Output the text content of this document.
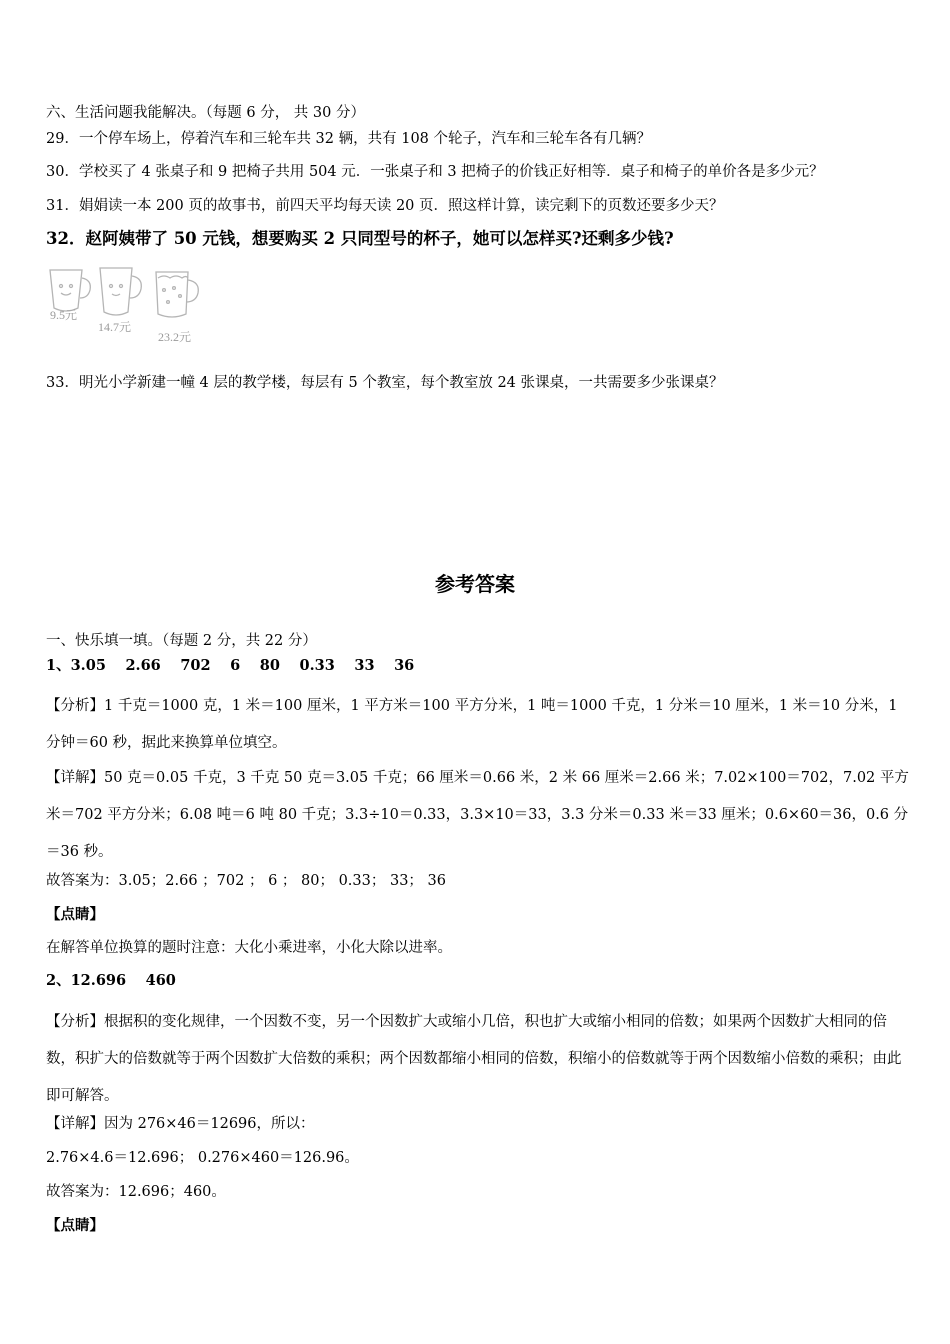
六、生活问题我能解决。（每题 6 分， 共 30 分）
29．一个停车场上，停着汽车和三轮车共 32 辆，共有 108 个轮子，汽车和三轮车各有几辆？
30．学校买了 4 张桌子和 9 把椅子共用 504 元．一张桌子和 3 把椅子的价钱正好相等．桌子和椅子的单价各是多少元？
31．娟娟读一本 200 页的故事书，前四天平均每天读 20 页．照这样计算，读完剩下的页数还要多少天？
32．赵阿姨带了 50 元钱，想要购买 2 只同型号的杯子，她可以怎样买?还剩多少钱?
9.5元
14.7元
23.2元
33．明光小学新建一幢 4 层的教学楼，每层有 5 个教室，每个教室放 24 张课桌，一共需要多少张课桌？
参考答案
一、快乐填一填。（每题 2 分，共 22 分）
1、3.05 　2.66　 702　 6　 80　 0.33　 33　 36
【分析】1 千克＝1000 克，1 米＝100 厘米，1 平方米＝100 平方分米，1 吨＝1000 千克，1 分米＝10 厘米，1 米＝10 分米，1 分钟＝60 秒，据此来换算单位填空。
【详解】50 克＝0.05 千克，3 千克 50 克＝3.05 千克；66 厘米＝0.66 米，2 米 66 厘米＝2.66 米；7.02×100＝702，7.02 平方米＝702 平方分米；6.08 吨＝6 吨 80 千克；3.3÷10＝0.33，3.3×10＝33，3.3 分米＝0.33 米＝33 厘米；0.6×60＝36，0.6 分＝36 秒。
故答案为：3.05；2.66 ；702 ； 6 ； 80； 0.33； 33； 36
【点睛】
在解答单位换算的题时注意：大化小乘进率，小化大除以进率。
2、12.696 　460
【分析】根据积的变化规律，一个因数不变，另一个因数扩大或缩小几倍，积也扩大或缩小相同的倍数；如果两个因数扩大相同的倍数，积扩大的倍数就等于两个因数扩大倍数的乘积；两个因数都缩小相同的倍数，积缩小的倍数就等于两个因数缩小倍数的乘积；由此即可解答。
【详解】因为 276×46＝12696，所以：
2.76×4.6＝12.696； 0.276×460＝126.96。
故答案为：12.696；460。
【点睛】
